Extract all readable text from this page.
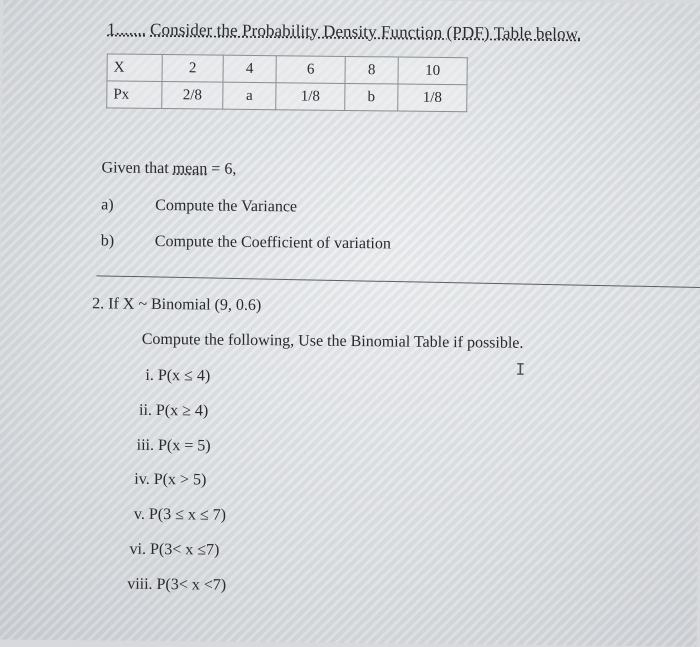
1....... Consider the Probability Density Function (PDF) Table below.
X	2	4	6	8	10
Px	2/8	a	1/8	b	1/8
Given that mean = 6,
a)	Compute the Variance
b)	Compute the Coefficient of variation
2. If X ~ Binomial (9, 0.6)
Compute the following, Use the Binomial Table if possible.
I
i. P(x ≤ 4)
ii. P(x ≥ 4)
iii. P(x = 5)
iv. P(x > 5)
v. P(3 ≤ x ≤ 7)
vi. P(3< x ≤7)
viii. P(3< x <7)
